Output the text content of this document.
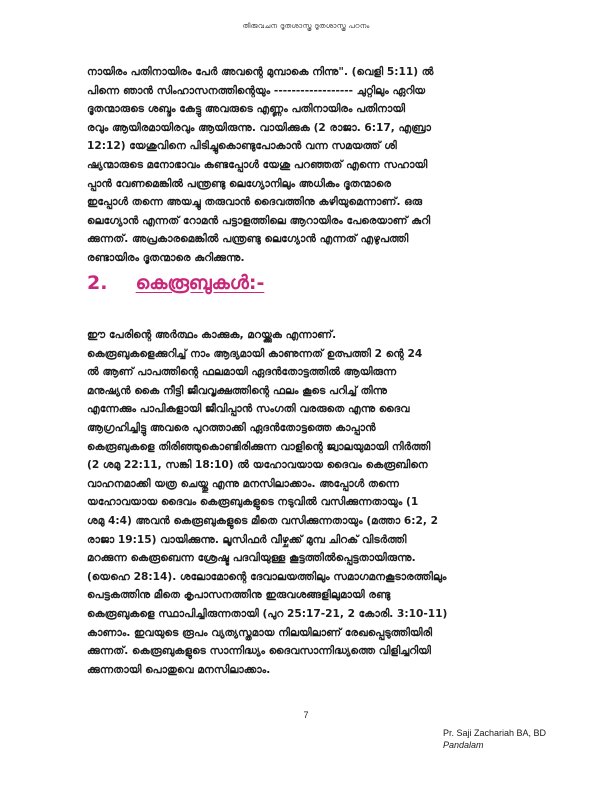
തിരുവചന ദൂതശാസ്ത്ര ദൂതശാസ്ത്ര പഠനം
നായിരം പതിനായിരം പേർ അവന്റെ മുമ്പാകെ നിന്നു". (വെളി 5:11) ൽ
പിന്നെ ഞാൻ സിംഹാസനത്തിന്റെയും ------------------ ചുറ്റിലും ഏറിയ
ദൂതന്മാരുടെ ശബ്ദം കേട്ടു അവരുടെ എണ്ണം പതിനായിരം പതിനായി
രവും ആയിരമായിരവും ആയിരുന്നു. വായിക്കുക (2 രാജാ. 6:17, എബ്രാ
12:12) യേശുവിനെ പിടിച്ചുകൊണ്ടുപോകാൻ വന്ന സമയത്ത് ശി
ഷ്യന്മാരുടെ മനോഭാവം കണ്ടപ്പോൾ യേശു പറഞ്ഞത് എന്നെ സഹായി
പ്പാൻ വേണമെങ്കിൽ പന്ത്രണ്ടു ലെഗ്യോനിലും അധികം ദൂതന്മാരെ
ഇപ്പോൾ തന്നെ അയച്ചു തരുവാൻ ദൈവത്തിനു കഴിയുമെന്നാണ്. ഒരു
ലെഗ്യോൻ എന്നത് റോമൻ പട്ടാളത്തിലെ ആറായിരം പേരെയാണ് കുറി
ക്കുന്നത്. അപ്രകാരമെങ്കിൽ പന്ത്രണ്ടു ലെഗ്യോൻ എന്നത് എഴുപത്തി
രണ്ടായിരം ദൂതന്മാരെ കുറിക്കുന്നു.
2. കെരൂബുകൾ:-
ഈ പേരിന്റെ അർത്ഥം കാക്കുക, മറയ്ക്കുക എന്നാണ്.
കെരൂബുകളെക്കുറിച്ച് നാം ആദ്യമായി കാണുന്നത് ഉത്പത്തി 2 ന്റെ 24
ൽ ആണ് പാപത്തിന്റെ ഫലമായി ഏദൻതോട്ടത്തിൽ ആയിരുന്ന
മനുഷ്യൻ കൈ നീട്ടി ജീവവൃക്ഷത്തിന്റെ ഫലം കൂടെ പറിച്ച് തിന്നു
എന്നേക്കും പാപികളായി ജീവിപ്പാൻ സംഗതി വരരുതെ എന്നു ദൈവ
ആഗ്രഹിച്ചിട്ടു അവരെ പുറത്താക്കി ഏദൻതോട്ടത്തെ കാപ്പാൻ
കെരൂബുകളെ തിരിഞ്ഞുകൊണ്ടിരിക്കുന്ന വാളിന്റെ ജ്വാലയുമായി നിർത്തി
(2 ശമു 22:11, സങ്കി 18:10) ൽ യഹോവയായ ദൈവം കെരൂബിനെ
വാഹനമാക്കി യത്ര ചെയ്തു എന്നു മനസിലാക്കാം. അപ്പോൾ തന്നെ
യഹോവയായ ദൈവം കെരൂബുകളുടെ നടുവിൽ വസിക്കുന്നതായും (1
ശമു 4:4) അവൻ കെരൂബുകളുടെ മീതെ വസിക്കുന്നതായും (മത്താ 6:2, 2
രാജാ 19:15) വായിക്കുന്നു. ലൂസിഫർ വീഴ്ചക്ക് മുമ്പ ചിറക് വിടർത്തി
മറക്കുന്ന കെരൂബെന്ന ശ്രേഷ്ട പദവിയുള്ള കൂട്ടത്തിൽപ്പെട്ടതായിരുന്നു.
(യെഹെ 28:14). ശലോമോന്റെ ദേവാലയത്തിലും സമാഗമനകൂടാരത്തിലും
പെട്ടകത്തിനു മീതെ കൃപാസനത്തിനു ഇരുവശങ്ങളിലുമായി രണ്ടു
കെരൂബുകളെ സ്ഥാപിച്ചിരുന്നതായി (പുറ 25:17-21, 2 കോരി. 3:10-11)
കാണാം. ഇവയുടെ രൂപം വ്യത്യസ്തമായ നിലയിലാണ് രേഖപ്പെടുത്തിയിരി
ക്കുന്നത്. കെരൂബുകളുടെ സാന്നിദ്ധ്യം ദൈവസാന്നിദ്ധ്യത്തെ വിളിച്ചറിയി
ക്കുന്നതായി പൊതുവെ മനസിലാക്കാം.
7
Pr. Saji Zachariah BA, BD
Pandalam
